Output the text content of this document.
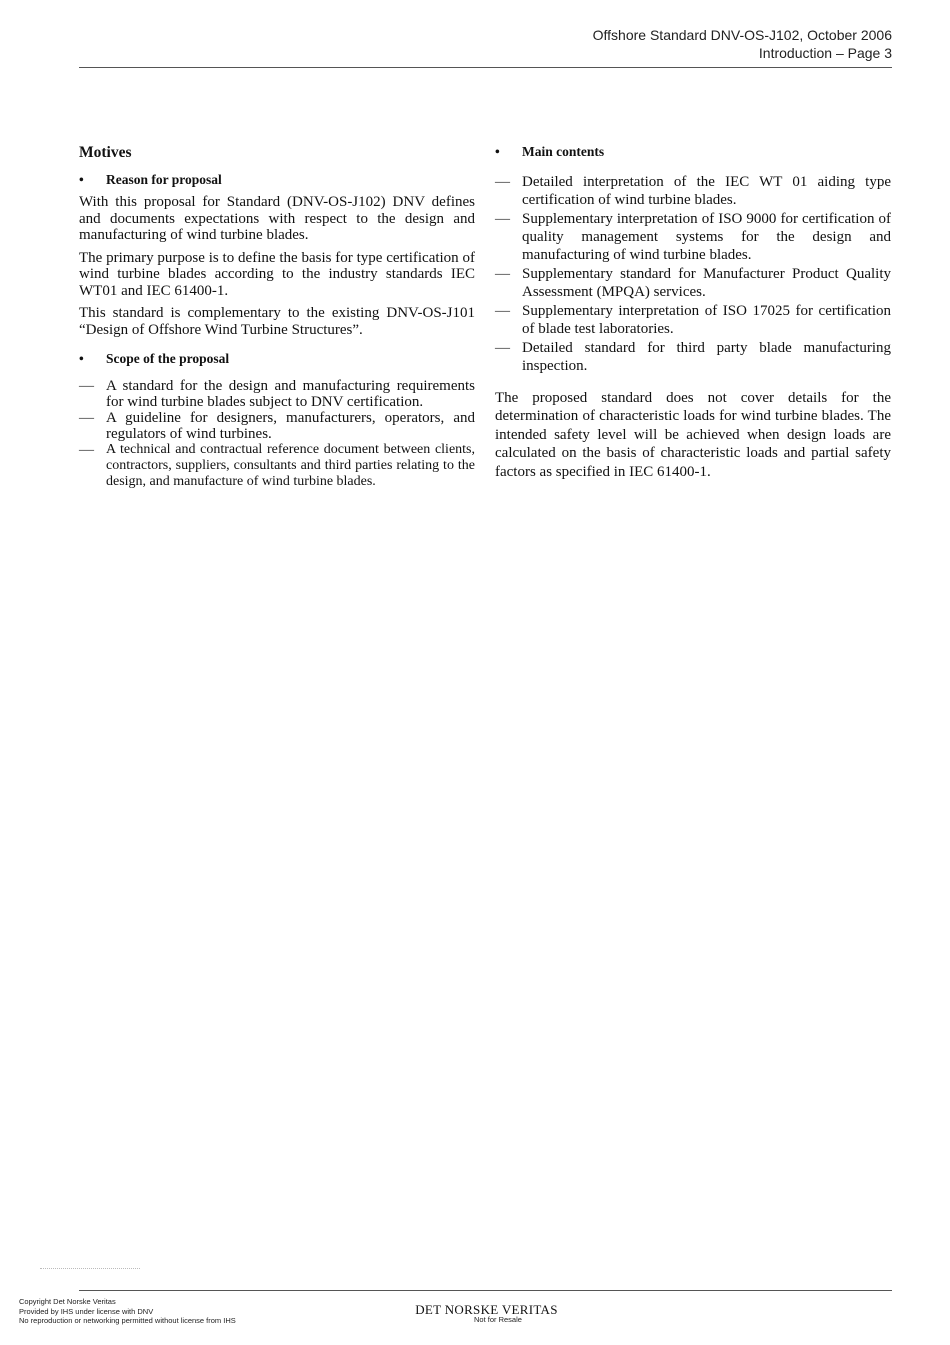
Offshore Standard DNV-OS-J102, October 2006
Introduction – Page 3
Motives
•	Reason for proposal

With this proposal for Standard (DNV-OS-J102) DNV defines and documents expectations with respect to the design and manufacturing of wind turbine blades.

The primary purpose is to define the basis for type certification of wind turbine blades according to the industry standards IEC WT01 and IEC 61400-1.

This standard is complementary to the existing DNV-OS-J101 “Design of Offshore Wind Turbine Structures”.

•	Scope of the proposal
— A standard for the design and manufacturing requirements for wind turbine blades subject to DNV certification.
— A guideline for designers, manufacturers, operators, and regulators of wind turbines.
— A technical and contractual reference document between clients, contractors, suppliers, consultants and third parties relating to the design, and manufacture of wind turbine blades.
•	Main contents
— Detailed interpretation of the IEC WT 01 aiding type certification of wind turbine blades.
— Supplementary interpretation of ISO 9000 for certification of quality management systems for the design and manufacturing of wind turbine blades.
— Supplementary standard for Manufacturer Product Quality Assessment (MPQA) services.
— Supplementary interpretation of ISO 17025 for certification of blade test laboratories.
— Detailed standard for third party blade manufacturing inspection.

The proposed standard does not cover details for the determination of characteristic loads for wind turbine blades. The intended safety level will be achieved when design loads are calculated on the basis of characteristic loads and partial safety factors as specified in IEC 61400-1.

Copyright Det Norske Veritas
Provided by IHS under license with DNV
No reproduction or networking permitted without license from IHS
DET NORSKE VERITAS
Not for Resale
